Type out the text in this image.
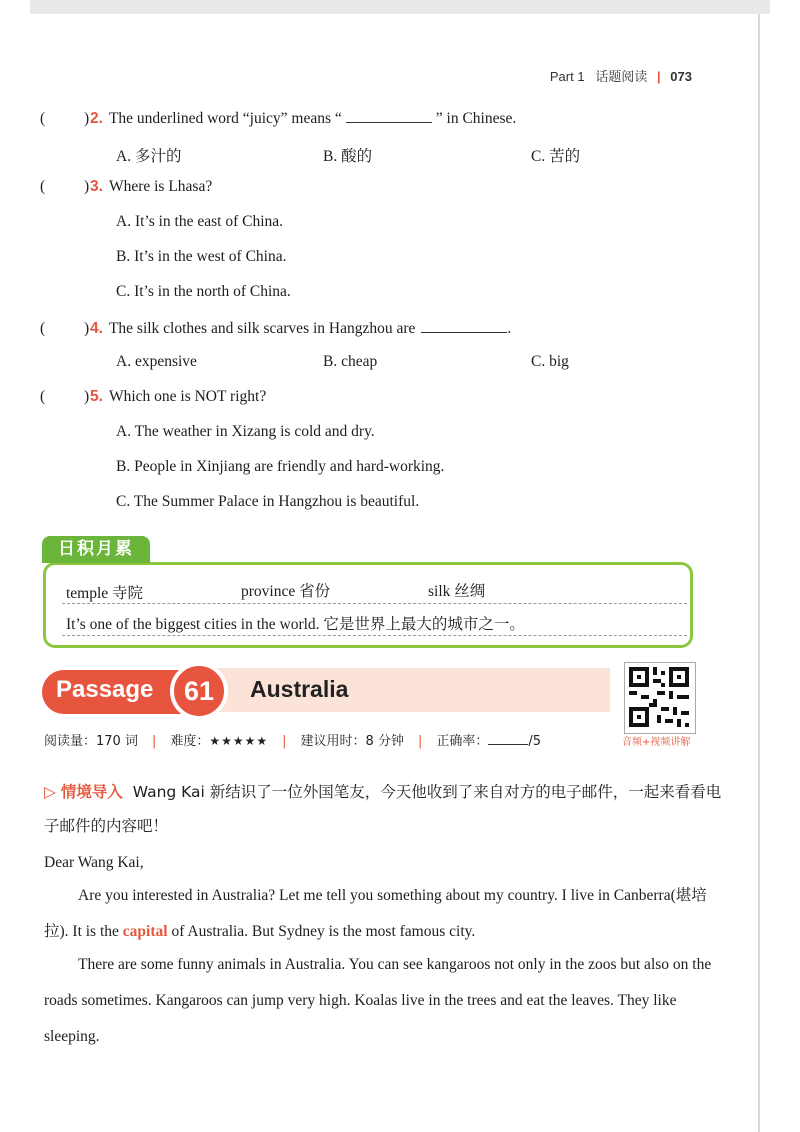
Part 1 话题阅读 | 073
(	)2. The underlined word “juicy” means “	” in Chinese.
A. 多汁的	B. 酸的	C. 苦的
(	)3. Where is Lhasa?
A. It’s in the east of China.
B. It’s in the west of China.
C. It’s in the north of China.
(	)4. The silk clothes and silk scarves in Hangzhou are	.
A. expensive	B. cheap	C. big
(	)5. Which one is NOT right?
A. The weather in Xizang is cold and dry.
B. People in Xinjiang are friendly and hard-working.
C. The Summer Palace in Hangzhou is beautiful.
日积月累
temple 寺院	province 省份	silk 丝绸
It’s one of the biggest cities in the world. 它是世界上最大的城市之一。
Passage	61	Australia
音频+视频讲解
阅读量：170 词 | 难度：★★★★★ | 建议用时：8 分钟 | 正确率：	/5
▷ 情境导入 Wang Kai 新结识了一位外国笔友，今天他收到了来自对方的电子邮件，一起来看看电子邮件的内容吧！
Dear Wang Kai,
Are you interested in Australia? Let me tell you something about my country. I live in Canberra(堪培拉). It is the capital of Australia. But Sydney is the most famous city.
There are some funny animals in Australia. You can see kangaroos not only in the zoos but also on the roads sometimes. Kangaroos can jump very high. Koalas live in the trees and eat the leaves. They like sleeping.
